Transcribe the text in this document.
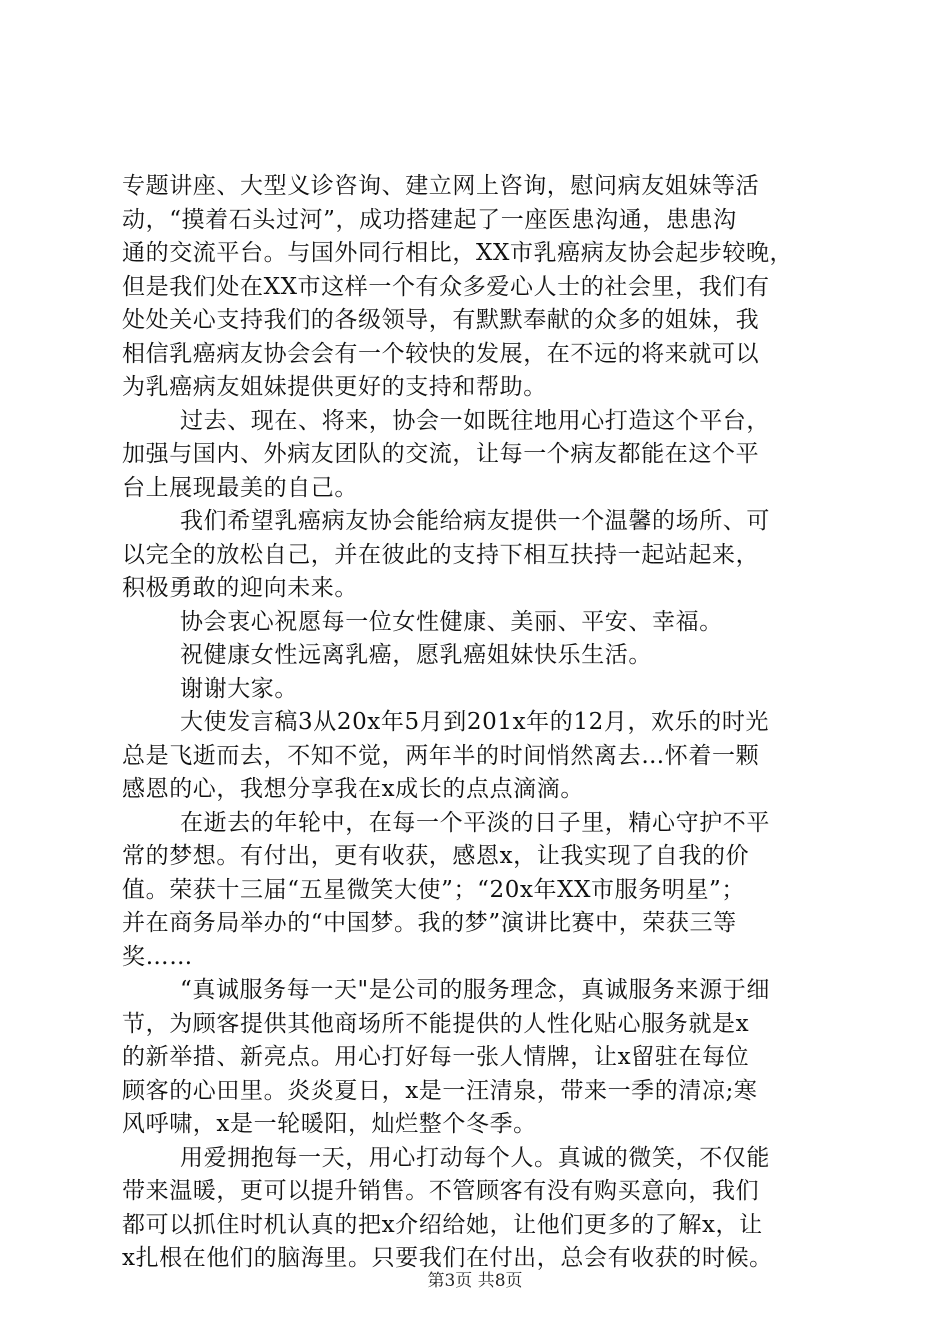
专题讲座、大型义诊咨询、建立网上咨询，慰问病友姐妹等活
动，“摸着石头过河”，成功搭建起了一座医患沟通，患患沟
通的交流平台。与国外同行相比，XX市乳癌病友协会起步较晚，
但是我们处在XX市这样一个有众多爱心人士的社会里，我们有
处处关心支持我们的各级领导，有默默奉献的众多的姐妹，我
相信乳癌病友协会会有一个较快的发展，在不远的将来就可以
为乳癌病友姐妹提供更好的支持和帮助。
过去、现在、将来，协会一如既往地用心打造这个平台，
加强与国内、外病友团队的交流，让每一个病友都能在这个平
台上展现最美的自己。
我们希望乳癌病友协会能给病友提供一个温馨的场所、可
以完全的放松自己，并在彼此的支持下相互扶持一起站起来，
积极勇敢的迎向未来。
协会衷心祝愿每一位女性健康、美丽、平安、幸福。
祝健康女性远离乳癌，愿乳癌姐妹快乐生活。
谢谢大家。
大使发言稿3从20x年5月到201x年的12月，欢乐的时光
总是飞逝而去，不知不觉，两年半的时间悄然离去…怀着一颗
感恩的心，我想分享我在x成长的点点滴滴。
在逝去的年轮中，在每一个平淡的日子里，精心守护不平
常的梦想。有付出，更有收获，感恩x，让我实现了自我的价
值。荣获十三届“五星微笑大使”；“20x年XX市服务明星”；
并在商务局举办的“中国梦。我的梦”演讲比赛中，荣获三等
奖……
“真诚服务每一天"是公司的服务理念，真诚服务来源于细
节，为顾客提供其他商场所不能提供的人性化贴心服务就是x
的新举措、新亮点。用心打好每一张人情牌，让x留驻在每位
顾客的心田里。炎炎夏日，x是一汪清泉，带来一季的清凉;寒
风呼啸，x是一轮暖阳，灿烂整个冬季。
用爱拥抱每一天，用心打动每个人。真诚的微笑，不仅能
带来温暖，更可以提升销售。不管顾客有没有购买意向，我们
都可以抓住时机认真的把x介绍给她，让他们更多的了解x，让
x扎根在他们的脑海里。只要我们在付出，总会有收获的时候。
第3页 共8页
